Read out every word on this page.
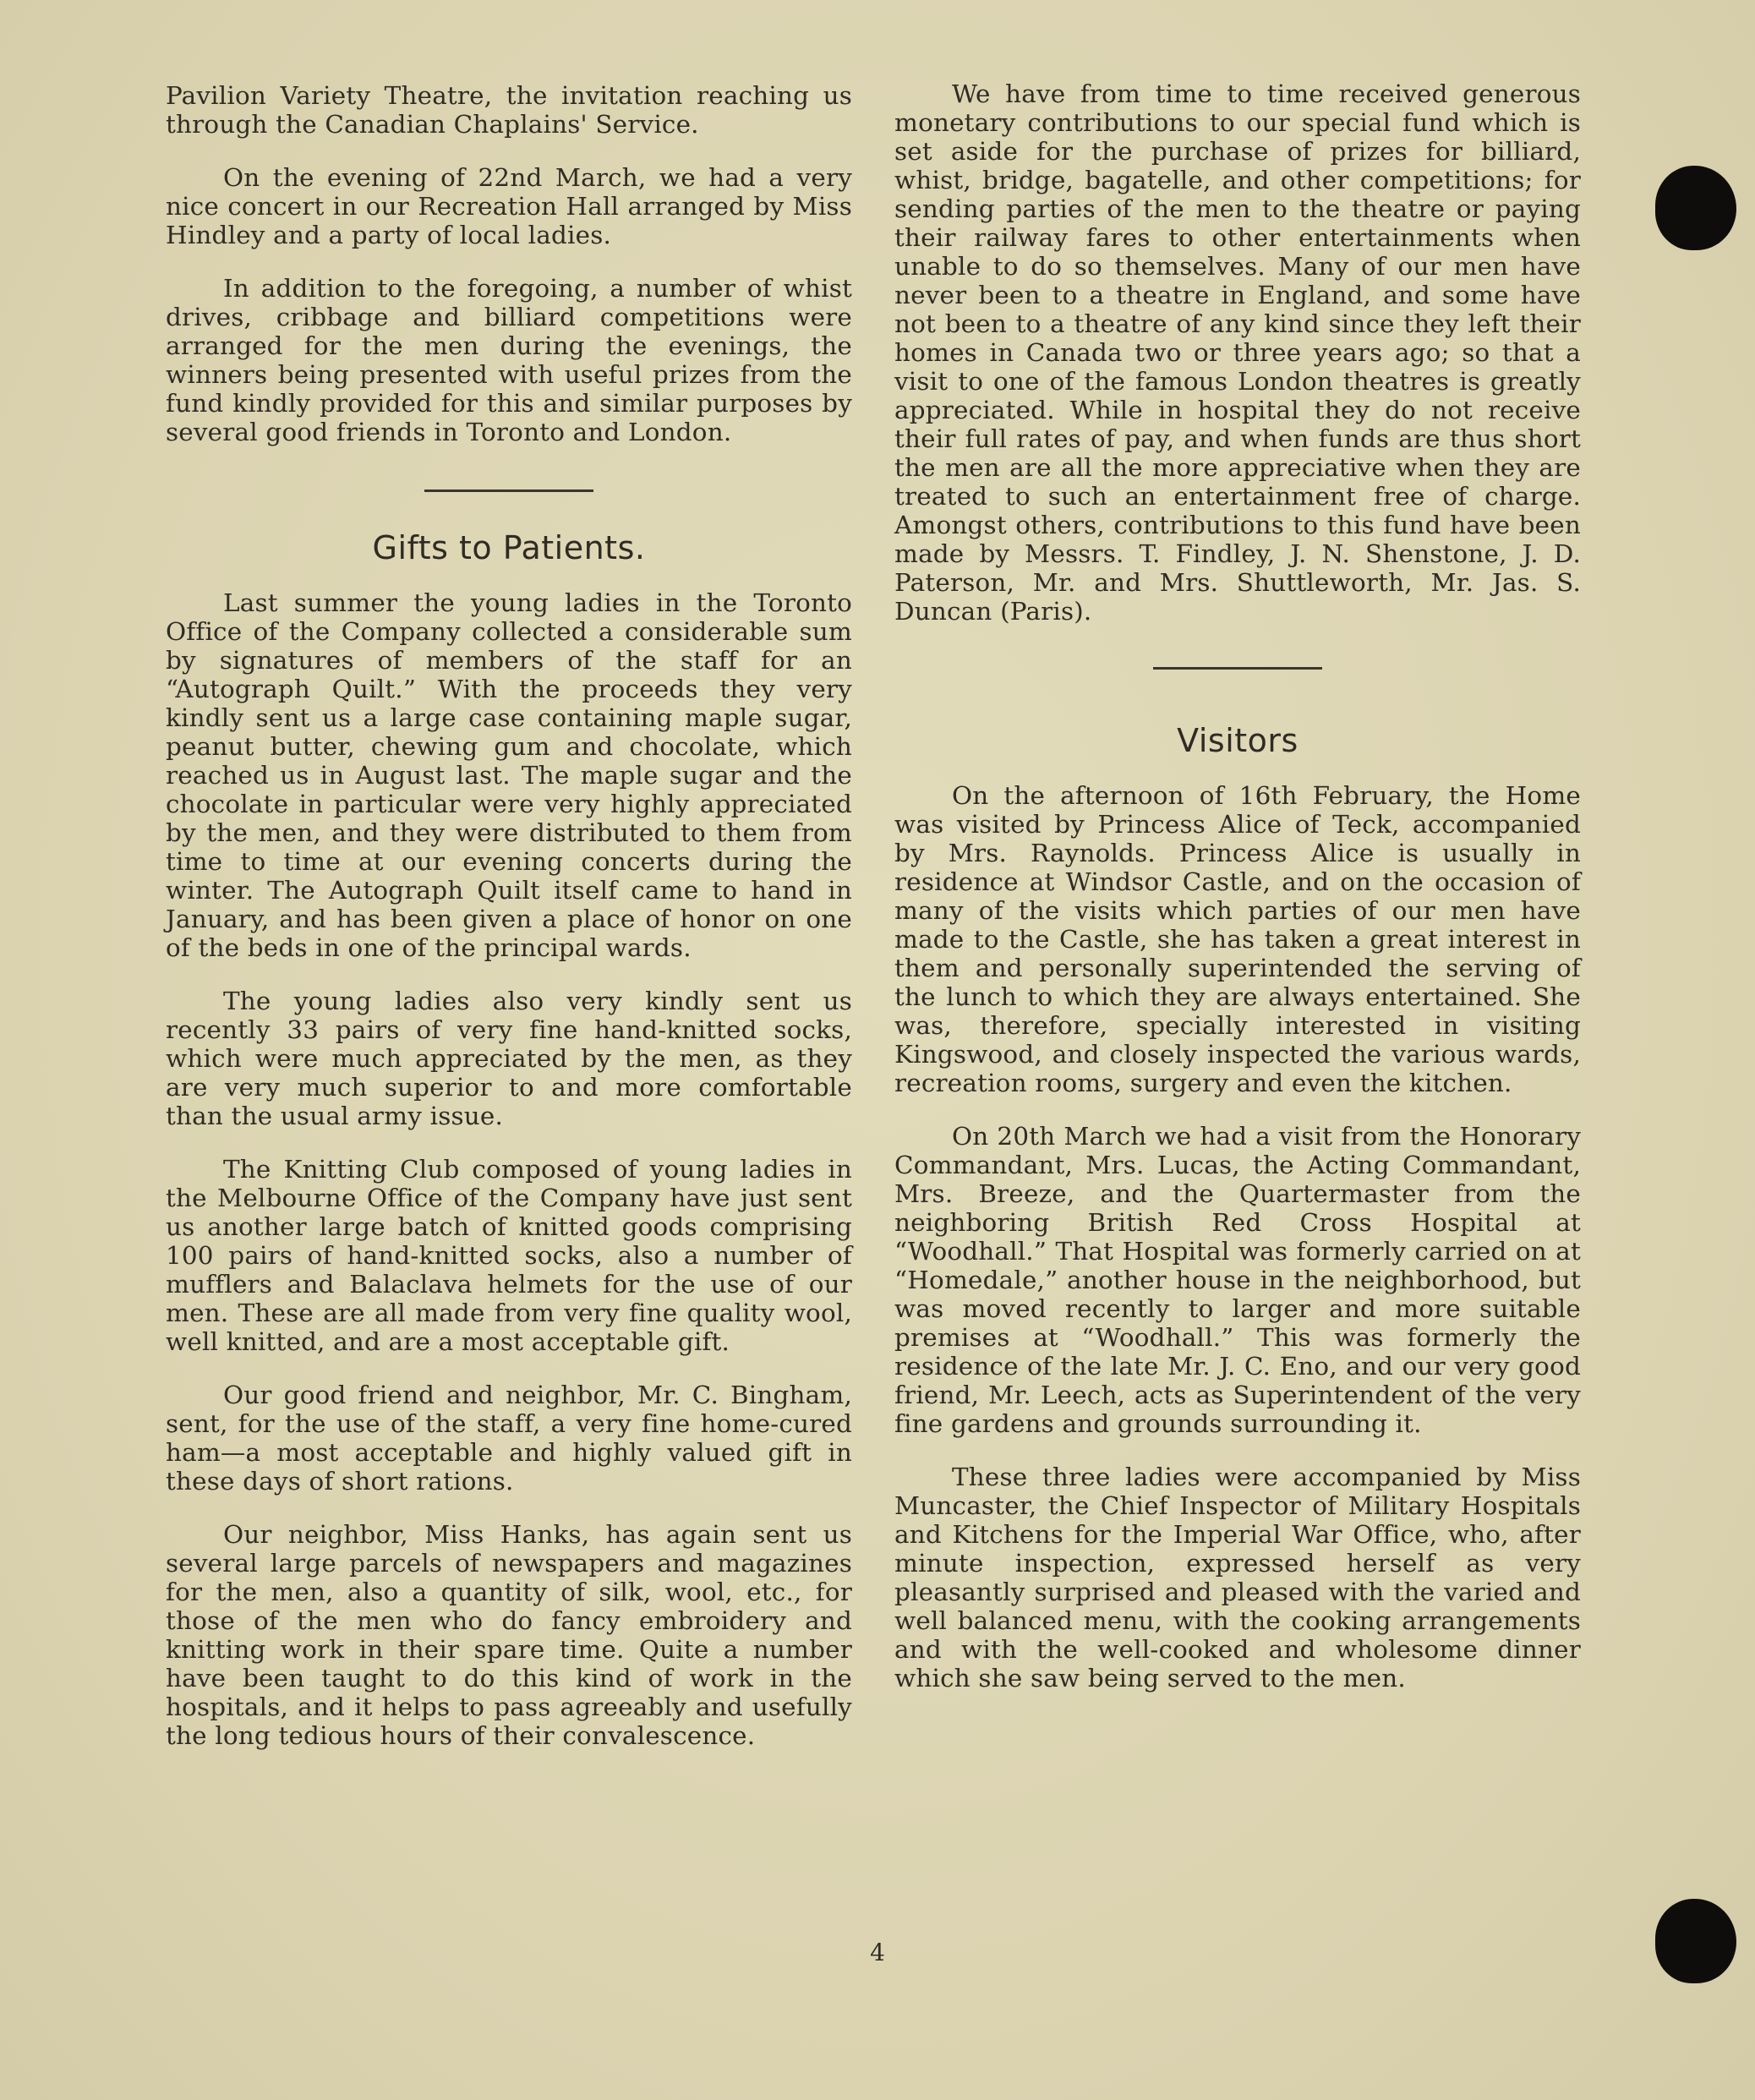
Pavilion Variety Theatre, the invitation reaching us through the Canadian Chaplains' Service.

On the evening of 22nd March, we had a very nice concert in our Recreation Hall arranged by Miss Hindley and a party of local ladies.

In addition to the foregoing, a number of whist drives, cribbage and billiard competitions were arranged for the men during the evenings, the winners being presented with useful prizes from the fund kindly provided for this and similar purposes by several good friends in Toronto and London.

Gifts to Patients.

Last summer the young ladies in the Toronto Office of the Company collected a considerable sum by signatures of members of the staff for an “Autograph Quilt.” With the proceeds they very kindly sent us a large case containing maple sugar, peanut butter, chewing gum and chocolate, which reached us in August last. The maple sugar and the chocolate in particular were very highly appreciated by the men, and they were distributed to them from time to time at our evening concerts during the winter. The Autograph Quilt itself came to hand in January, and has been given a place of honor on one of the beds in one of the principal wards.

The young ladies also very kindly sent us recently 33 pairs of very fine hand-knitted socks, which were much appreciated by the men, as they are very much superior to and more comfortable than the usual army issue.

The Knitting Club composed of young ladies in the Melbourne Office of the Company have just sent us another large batch of knitted goods comprising 100 pairs of hand-knitted socks, also a number of mufflers and Balaclava helmets for the use of our men. These are all made from very fine quality wool, well knitted, and are a most acceptable gift.

Our good friend and neighbor, Mr. C. Bingham, sent, for the use of the staff, a very fine home-cured ham—a most acceptable and highly valued gift in these days of short rations.

Our neighbor, Miss Hanks, has again sent us several large parcels of newspapers and magazines for the men, also a quantity of silk, wool, etc., for those of the men who do fancy embroidery and knitting work in their spare time. Quite a number have been taught to do this kind of work in the hospitals, and it helps to pass agreeably and usefully the long tedious hours of their convalescence.

We have from time to time received generous monetary contributions to our special fund which is set aside for the purchase of prizes for billiard, whist, bridge, bagatelle, and other competitions; for sending parties of the men to the theatre or paying their railway fares to other entertainments when unable to do so themselves. Many of our men have never been to a theatre in England, and some have not been to a theatre of any kind since they left their homes in Canada two or three years ago; so that a visit to one of the famous London theatres is greatly appreciated. While in hospital they do not receive their full rates of pay, and when funds are thus short the men are all the more appreciative when they are treated to such an entertainment free of charge. Amongst others, contributions to this fund have been made by Messrs. T. Findley, J. N. Shenstone, J. D. Paterson, Mr. and Mrs. Shuttleworth, Mr. Jas. S. Duncan (Paris).

Visitors

On the afternoon of 16th February, the Home was visited by Princess Alice of Teck, accompanied by Mrs. Raynolds. Princess Alice is usually in residence at Windsor Castle, and on the occasion of many of the visits which parties of our men have made to the Castle, she has taken a great interest in them and personally superintended the serving of the lunch to which they are always entertained. She was, therefore, specially interested in visiting Kingswood, and closely inspected the various wards, recreation rooms, surgery and even the kitchen.

On 20th March we had a visit from the Honorary Commandant, Mrs. Lucas, the Acting Commandant, Mrs. Breeze, and the Quartermaster from the neighboring British Red Cross Hospital at “Woodhall.” That Hospital was formerly carried on at “Homedale,” another house in the neighborhood, but was moved recently to larger and more suitable premises at “Woodhall.” This was formerly the residence of the late Mr. J. C. Eno, and our very good friend, Mr. Leech, acts as Superintendent of the very fine gardens and grounds surrounding it.

These three ladies were accompanied by Miss Muncaster, the Chief Inspector of Military Hospitals and Kitchens for the Imperial War Office, who, after minute inspection, expressed herself as very pleasantly surprised and pleased with the varied and well balanced menu, with the cooking arrangements and with the well-cooked and wholesome dinner which she saw being served to the men.

4
